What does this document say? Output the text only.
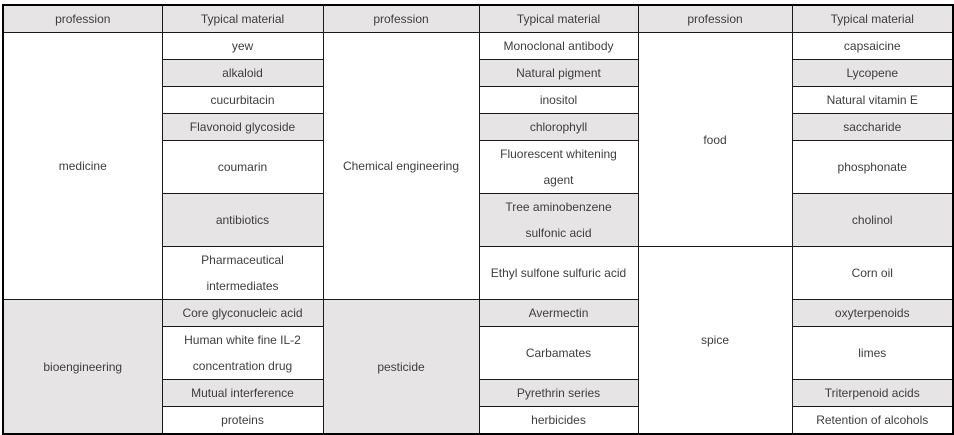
profession	Typical material	profession	Typical material	profession	Typical material
medicine	yew	Chemical engineering	Monoclonal antibody	food	capsaicine
	alkaloid		Natural pigment		Lycopene
	cucurbitacin		inositol		Natural vitamin E
	Flavonoid glycoside		chlorophyll		saccharide
	coumarin		Fluorescent whitening agent		phosphonate
	antibiotics		Tree aminobenzene sulfonic acid		cholinol
	Pharmaceutical intermediates		Ethyl sulfone sulfuric acid	spice	Corn oil
bioengineering	Core glyconucleic acid	pesticide	Avermectin		oxyterpenoids
	Human white fine IL-2 concentration drug		Carbamates		limes
	Mutual interference		Pyrethrin series		Triterpenoid acids
	proteins		herbicides		Retention of alcohols
